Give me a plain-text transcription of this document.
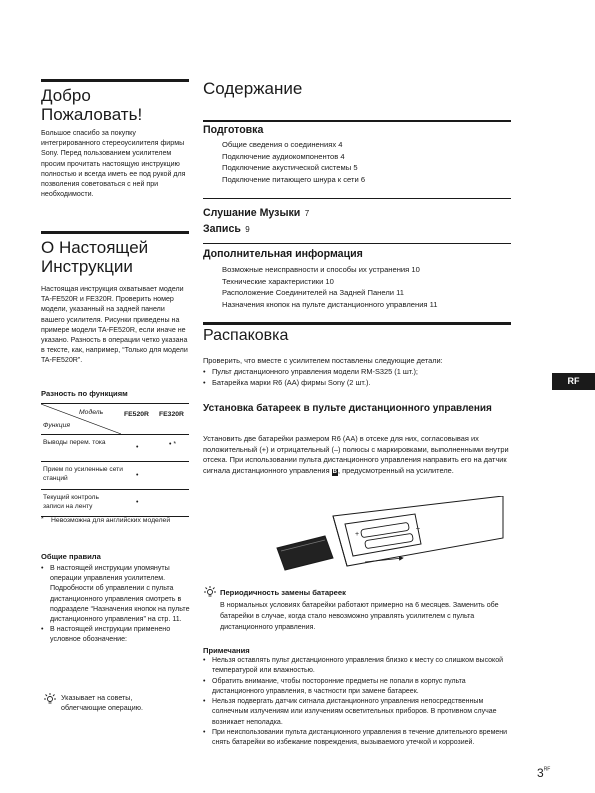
Добро
Пожаловать!
Большое спасибо за покупку интегрированного стереоусилителя фирмы Sony. Перед пользованием усилителем просим прочитать настоящую инструкцию полностью и всегда иметь ее под рукой для позволения советоваться с ней при необходимости.
О Настоящей
Инструкции
Настоящая инструкция охватывает модели TA-FE520R и FE320R. Проверить номер модели, указанный на задней панели вашего усилителя. Рисунки приведены на примере модели TA-FE520R, если иначе не указано. Разность в операции четко указана в тексте, как, например, “Только для модели TA-FE520R”.
Разность по функциям
Модель
Функция
FE520R FE320R
Выводы перем. тока
•	• *
Прием по усиленные сети станций	•
Текущий контроль записи на ленту
•
* Невозможна для английских моделей
Общие правила
• В настоящей инструкции упомянуты операции управления усилителем. Подробности об управлении с пульта дистанционного управления смотреть в подразделе “Назначения кнопок на пульте дистанционного управления” на стр. 11.
• В настоящей инструкции применено условное обозначение:
Указывает на советы, облегчающие операцию.
Содержание
Подготовка
Общие сведения о соединениях 4
Подключение аудиокомпонентов 4
Подключение акустической системы 5
Подключение питающего шнура к сети 6
Слушание Музыки 7
Запись 9
Дополнительная информация
Возможные неисправности и способы их устранения 10
Технические характеристики 10
Расположение Соединителей на Задней Панели 11
Назначения кнопок на пульте дистанционного управления 11
Распаковка
Проверить, что вместе с усилителем поставлены следующие детали:
• Пульт дистанционного управления модели RM-S325 (1 шт.);
• Батарейка марки R6 (AA) фирмы Sony (2 шт.).
Установка батареек в пульте дистанционного управления
Установить две батарейки размером R6 (AA) в отсеке для них, согласовывая их положительный (+) и отрицательный (–) полюсы с маркировками, выполненными внутри отсека. При использовании пульта дистанционного управления направить его на датчик сигнала дистанционного управления B, предусмотренный на усилителе.
+
–
Периодичность замены батареек
В нормальных условиях батарейки работают примерно на 6 месяцев. Заменить обе батарейки в случае, когда стало невозможно управлять усилителем с пульта дистанционного управления.
Примечания
• Нельзя оставлять пульт дистанционного управления близко к месту со слишком высокой температурой или влажностью.
• Обратить внимание, чтобы посторонние предметы не попали в корпус пульта дистанционного управления, в частности при замене батареек.
• Нельзя подвергать датчик сигнала дистанционного управления непосредственным солнечным излучениям или излучениям осветительных приборов. В противном случае возникает неполадка.
• При неиспользовании пульта дистанционного управления в течение длительного времени снять батарейки во избежание повреждения, вызываемого утечкой и коррозией.
RF
$3^{RF}$
